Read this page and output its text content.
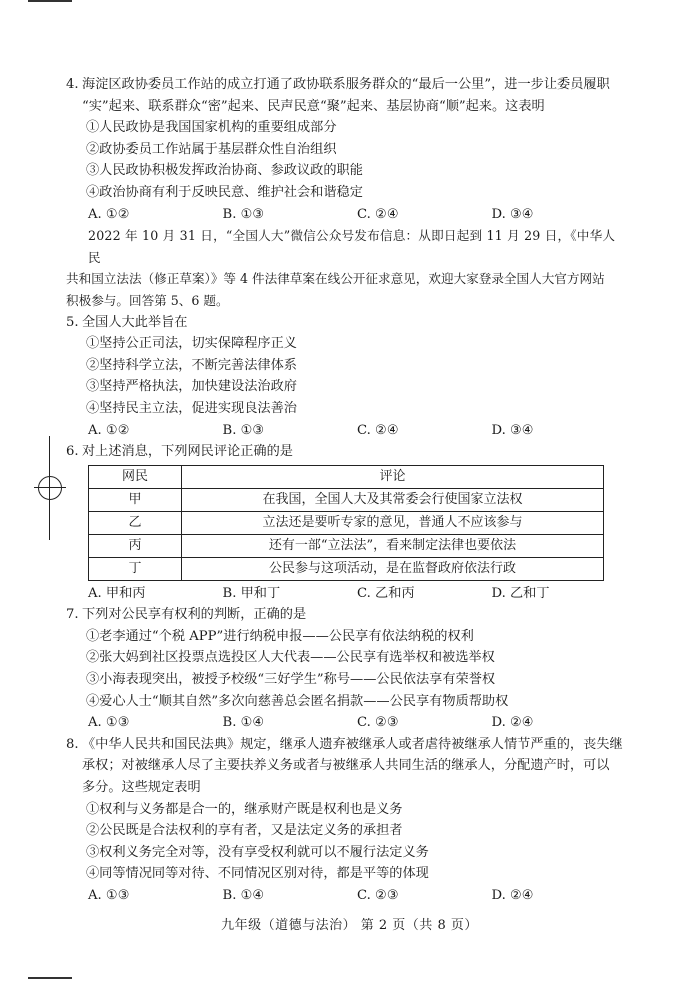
4. 海淀区政协委员工作站的成立打通了政协联系服务群众的“最后一公里”，进一步让委员履职
“实”起来、联系群众“密”起来、民声民意“聚”起来、基层协商“顺”起来。这表明
①人民政协是我国国家机构的重要组成部分
②政协委员工作站属于基层群众性自治组织
③人民政协积极发挥政治协商、参政议政的职能
④政治协商有利于反映民意、维护社会和谐稳定
A. ①②	B. ①③	C. ②④	D. ③④
2022 年 10 月 31 日，“全国人大”微信公众号发布信息：从即日起到 11 月 29 日，《中华人民
共和国立法法（修正草案）》等 4 件法律草案在线公开征求意见，欢迎大家登录全国人大官方网站
积极参与。回答第 5、6 题。
5. 全国人大此举旨在
①坚持公正司法，切实保障程序正义
②坚持科学立法，不断完善法律体系
③坚持严格执法，加快建设法治政府
④坚持民主立法，促进实现良法善治
A. ①②	B. ①③	C. ②④	D. ③④
6. 对上述消息，下列网民评论正确的是
网民	评论
甲	在我国，全国人大及其常委会行使国家立法权
乙	立法还是要听专家的意见，普通人不应该参与
丙	还有一部“立法法”，看来制定法律也要依法
丁	公民参与这项活动，是在监督政府依法行政
A. 甲和丙	B. 甲和丁	C. 乙和丙	D. 乙和丁
7. 下列对公民享有权利的判断，正确的是
①老李通过“个税 APP”进行纳税申报——公民享有依法纳税的权利
②张大妈到社区投票点选投区人大代表——公民享有选举权和被选举权
③小海表现突出，被授予校级“三好学生”称号——公民依法享有荣誉权
④爱心人士“顺其自然”多次向慈善总会匿名捐款——公民享有物质帮助权
A. ①③	B. ①④	C. ②③	D. ②④
8. 《中华人民共和国民法典》规定，继承人遗弃被继承人或者虐待被继承人情节严重的，丧失继
承权；对被继承人尽了主要扶养义务或者与被继承人共同生活的继承人，分配遗产时，可以
多分。这些规定表明
①权利与义务都是合一的，继承财产既是权利也是义务
②公民既是合法权利的享有者，又是法定义务的承担者
③权利义务完全对等，没有享受权利就可以不履行法定义务
④同等情况同等对待、不同情况区别对待，都是平等的体现
A. ①③	B. ①④	C. ②③	D. ②④
九年级（道德与法治） 第 2 页（共 8 页）
